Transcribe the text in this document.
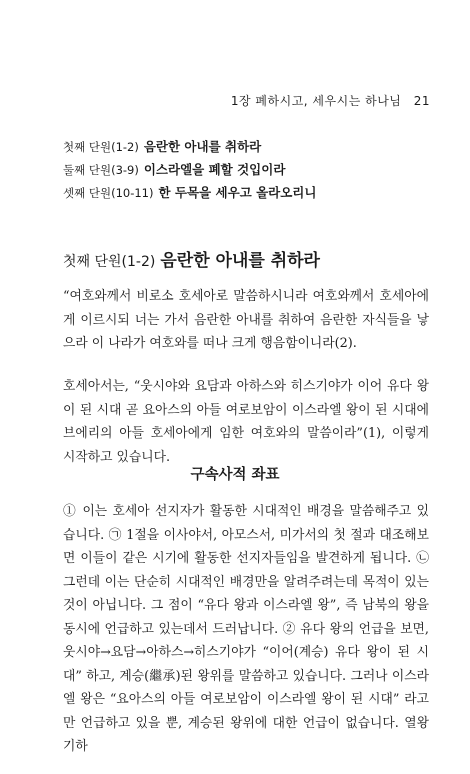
1장 폐하시고, 세우시는 하나님 21
첫째 단원(1-2) 음란한 아내를 취하라
둘째 단원(3-9) 이스라엘을 폐할 것입이라
셋째 단원(10-11) 한 두목을 세우고 올라오리니
첫째 단원(1-2) 음란한 아내를 취하라

“여호와께서 비로소 호세아로 말씀하시니라 여호와께서 호세아에게 이르시되 너는 가서 음란한 아내를 취하여 음란한 자식들을 낳으라 이 나라가 여호와를 떠나 크게 행음함이니라(2).

호세아서는, “웃시야와 요담과 아하스와 히스기야가 이어 유다 왕이 된 시대 곧 요아스의 아들 여로보암이 이스라엘 왕이 된 시대에 브에리의 아들 호세아에게 임한 여호와의 말씀이라”(1), 이렇게 시작하고 있습니다.

구속사적 좌표

① 이는 호세아 선지자가 활동한 시대적인 배경을 말씀해주고 있습니다. ㉠ 1절을 이사야서, 아모스서, 미가서의 첫 절과 대조해보면 이들이 같은 시기에 활동한 선지자들임을 발견하게 됩니다. ㉡ 그런데 이는 단순히 시대적인 배경만을 알려주려는데 목적이 있는 것이 아닙니다. 그 점이 “유다 왕과 이스라엘 왕”, 즉 남북의 왕을 동시에 언급하고 있는데서 드러납니다. ② 유다 왕의 언급을 보면, 웃시야→요담→아하스→히스기야가 “이어(계승) 유다 왕이 된 시대” 하고, 계승(繼承)된 왕위를 말씀하고 있습니다. 그러나 이스라엘 왕은 “요아스의 아들 여로보암이 이스라엘 왕이 된 시대” 라고만 언급하고 있을 뿐, 계승된 왕위에 대한 언급이 없습니다. 열왕기하
